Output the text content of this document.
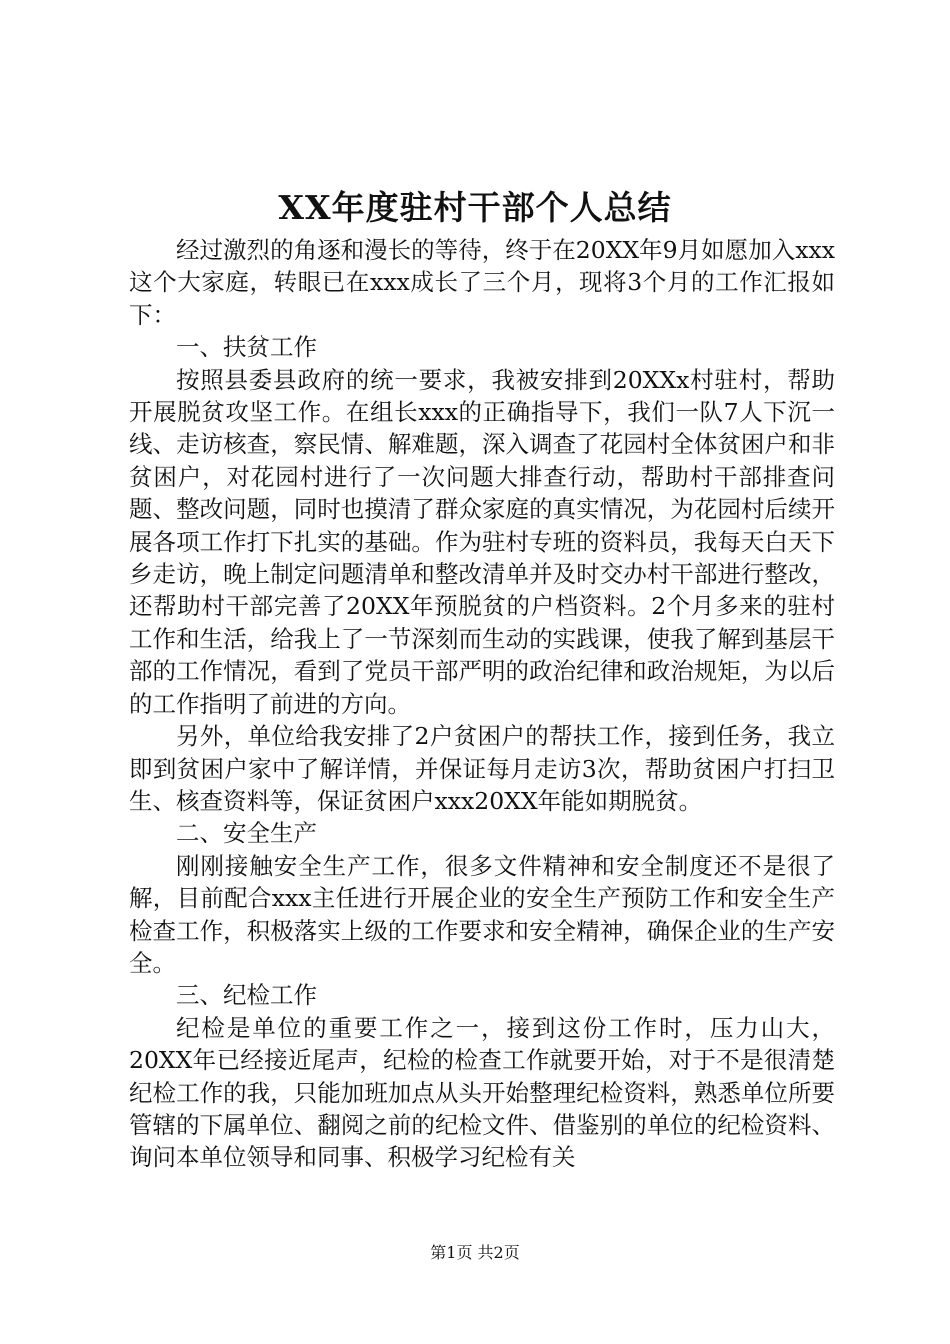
XX年度驻村干部个人总结

经过激烈的角逐和漫长的等待，终于在20XX年9月如愿加入xxx这个大家庭，转眼已在xxx成长了三个月，现将3个月的工作汇报如下：

一、扶贫工作

按照县委县政府的统一要求，我被安排到20XXx村驻村，帮助开展脱贫攻坚工作。在组长xxx的正确指导下，我们一队7人下沉一线、走访核查，察民情、解难题，深入调查了花园村全体贫困户和非贫困户，对花园村进行了一次问题大排查行动，帮助村干部排查问题、整改问题，同时也摸清了群众家庭的真实情况，为花园村后续开展各项工作打下扎实的基础。作为驻村专班的资料员，我每天白天下乡走访，晚上制定问题清单和整改清单并及时交办村干部进行整改，还帮助村干部完善了20XX年预脱贫的户档资料。2个月多来的驻村工作和生活，给我上了一节深刻而生动的实践课，使我了解到基层干部的工作情况，看到了党员干部严明的政治纪律和政治规矩，为以后的工作指明了前进的方向。

另外，单位给我安排了2户贫困户的帮扶工作，接到任务，我立即到贫困户家中了解详情，并保证每月走访3次，帮助贫困户打扫卫生、核查资料等，保证贫困户xxx20XX年能如期脱贫。

二、安全生产

刚刚接触安全生产工作，很多文件精神和安全制度还不是很了解，目前配合xxx主任进行开展企业的安全生产预防工作和安全生产检查工作，积极落实上级的工作要求和安全精神，确保企业的生产安全。

三、纪检工作

纪检是单位的重要工作之一，接到这份工作时，压力山大，20XX年已经接近尾声，纪检的检查工作就要开始，对于不是很清楚纪检工作的我，只能加班加点从头开始整理纪检资料，熟悉单位所要管辖的下属单位、翻阅之前的纪检文件、借鉴别的单位的纪检资料、询问本单位领导和同事、积极学习纪检有关

第1页 共2页
